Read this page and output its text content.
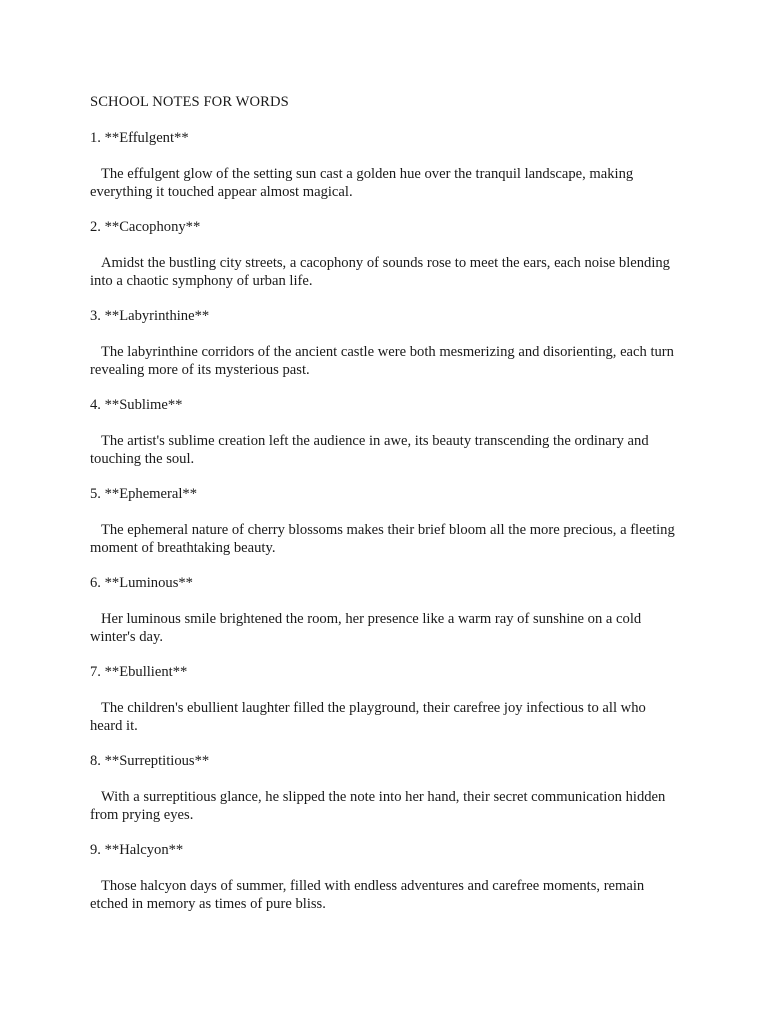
SCHOOL NOTES FOR WORDS
1. **Effulgent**
The effulgent glow of the setting sun cast a golden hue over the tranquil landscape, making everything it touched appear almost magical.
2. **Cacophony**
Amidst the bustling city streets, a cacophony of sounds rose to meet the ears, each noise blending into a chaotic symphony of urban life.
3. **Labyrinthine**
The labyrinthine corridors of the ancient castle were both mesmerizing and disorienting, each turn revealing more of its mysterious past.
4. **Sublime**
The artist's sublime creation left the audience in awe, its beauty transcending the ordinary and touching the soul.
5. **Ephemeral**
The ephemeral nature of cherry blossoms makes their brief bloom all the more precious, a fleeting moment of breathtaking beauty.
6. **Luminous**
Her luminous smile brightened the room, her presence like a warm ray of sunshine on a cold winter's day.
7. **Ebullient**
The children's ebullient laughter filled the playground, their carefree joy infectious to all who heard it.
8. **Surreptitious**
With a surreptitious glance, he slipped the note into her hand, their secret communication hidden from prying eyes.
9. **Halcyon**
Those halcyon days of summer, filled with endless adventures and carefree moments, remain etched in memory as times of pure bliss.
